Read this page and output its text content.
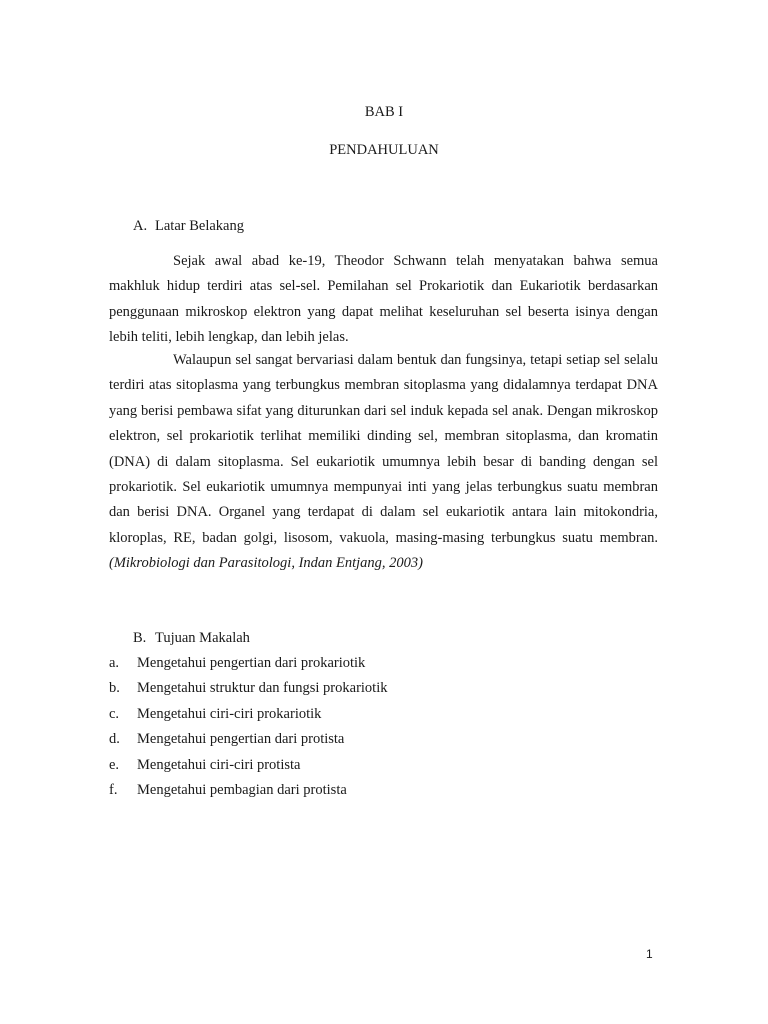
BAB I
PENDAHULUAN
A. Latar Belakang

Sejak awal abad ke-19, Theodor Schwann telah menyatakan bahwa semua makhluk hidup terdiri atas sel-sel. Pemilahan sel Prokariotik dan Eukariotik berdasarkan penggunaan mikroskop elektron yang dapat melihat keseluruhan sel beserta isinya dengan lebih teliti, lebih lengkap, dan lebih jelas.

Walaupun sel sangat bervariasi dalam bentuk dan fungsinya, tetapi setiap sel selalu terdiri atas sitoplasma yang terbungkus membran sitoplasma yang didalamnya terdapat DNA yang berisi pembawa sifat yang diturunkan dari sel induk kepada sel anak. Dengan mikroskop elektron, sel prokariotik terlihat memiliki dinding sel, membran sitoplasma, dan kromatin (DNA) di dalam sitoplasma. Sel eukariotik umumnya lebih besar di banding dengan sel prokariotik. Sel eukariotik umumnya mempunyai inti yang jelas terbungkus suatu membran dan berisi DNA. Organel yang terdapat di dalam sel eukariotik antara lain mitokondria, kloroplas, RE, badan golgi, lisosom, vakuola, masing-masing terbungkus suatu membran. (Mikrobiologi dan Parasitologi, Indan Entjang, 2003)

B. Tujuan Makalah
a.	Mengetahui pengertian dari prokariotik
b.	Mengetahui struktur dan fungsi prokariotik
c.	Mengetahui ciri-ciri prokariotik
d.	Mengetahui pengertian dari protista
e.	Mengetahui ciri-ciri protista
f.	Mengetahui pembagian dari protista
1
